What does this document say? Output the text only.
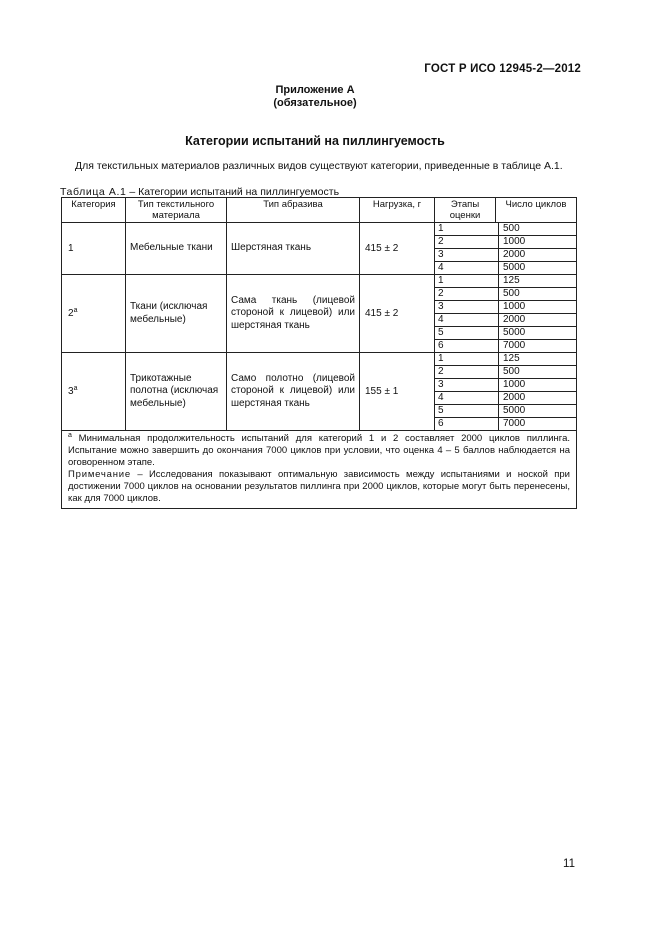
ГОСТ Р ИСО 12945-2—2012
Приложение А
(обязательное)
Категории испытаний на пиллингуемость
Для текстильных материалов различных видов существуют категории, приведенные в таблице А.1.
Таблица А.1 – Категории испытаний на пиллингуемость
Категория	Тип текстильного материала	Тип абразива	Нагрузка, г	Этапы оценки	Число циклов
1	Мебельные ткани	Шерстяная ткань	415 ± 2	
1	500
2	1000
3	2000
4	5000

2$^a$	Ткани (исключая мебельные)	Сама ткань (лицевой стороной к лицевой) или шерстяная ткань	415 ± 2	
1	125
2	500
3	1000
4	2000
5	5000
6	7000

3$^a$	Трикотажные полотна (исключая мебельные)	Само полотно (лицевой стороной к лицевой) или шерстяная ткань	155 ± 1	
1	125
2	500
3	1000
4	2000
5	5000
6	7000

$^a$ Минимальная продолжительность испытаний для категорий 1 и 2 составляет 2000 циклов пиллинга. Испытание можно завершить до окончания 7000 циклов при условии, что оценка 4 – 5 баллов наблюдается на оговоренном этапе.

Примечание – Исследования показывают оптимальную зависимость между испытаниями и ноской при достижении 7000 циклов на основании результатов пиллинга при 2000 циклов, которые могут быть перенесены, как для 7000 циклов.

11
